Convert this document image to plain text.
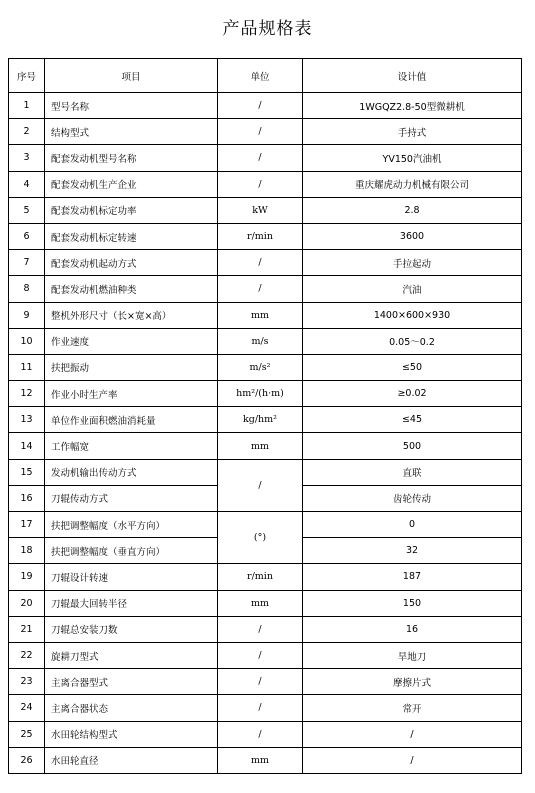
产品规格表
序号	项目	单位	设计值
1	型号名称	/	1WGQZ2.8-50型微耕机
2	结构型式	/	手持式
3	配套发动机型号名称	/	YV150汽油机
4	配套发动机生产企业	/	重庆耀虎动力机械有限公司
5	配套发动机标定功率	kW	2.8
6	配套发动机标定转速	r/min	3600
7	配套发动机起动方式	/	手拉起动
8	配套发动机燃油种类	/	汽油
9	整机外形尺寸（长×宽×高）	mm	1400×600×930
10	作业速度	m/s	0.05～0.2
11	扶把振动	m/s²	≤50
12	作业小时生产率	hm²/(h·m)	≥0.02
13	单位作业面积燃油消耗量	kg/hm²	≤45
14	工作幅宽	mm	500
15	发动机输出传动方式	/	直联
16	刀辊传动方式		齿轮传动
17	扶把调整幅度（水平方向）	(°)	0
18	扶把调整幅度（垂直方向）		32
19	刀辊设计转速	r/min	187
20	刀辊最大回转半径	mm	150
21	刀辊总安装刀数	/	16
22	旋耕刀型式	/	旱地刀
23	主离合器型式	/	摩擦片式
24	主离合器状态	/	常开
25	水田轮结构型式	/	/
26	水田轮直径	mm	/
